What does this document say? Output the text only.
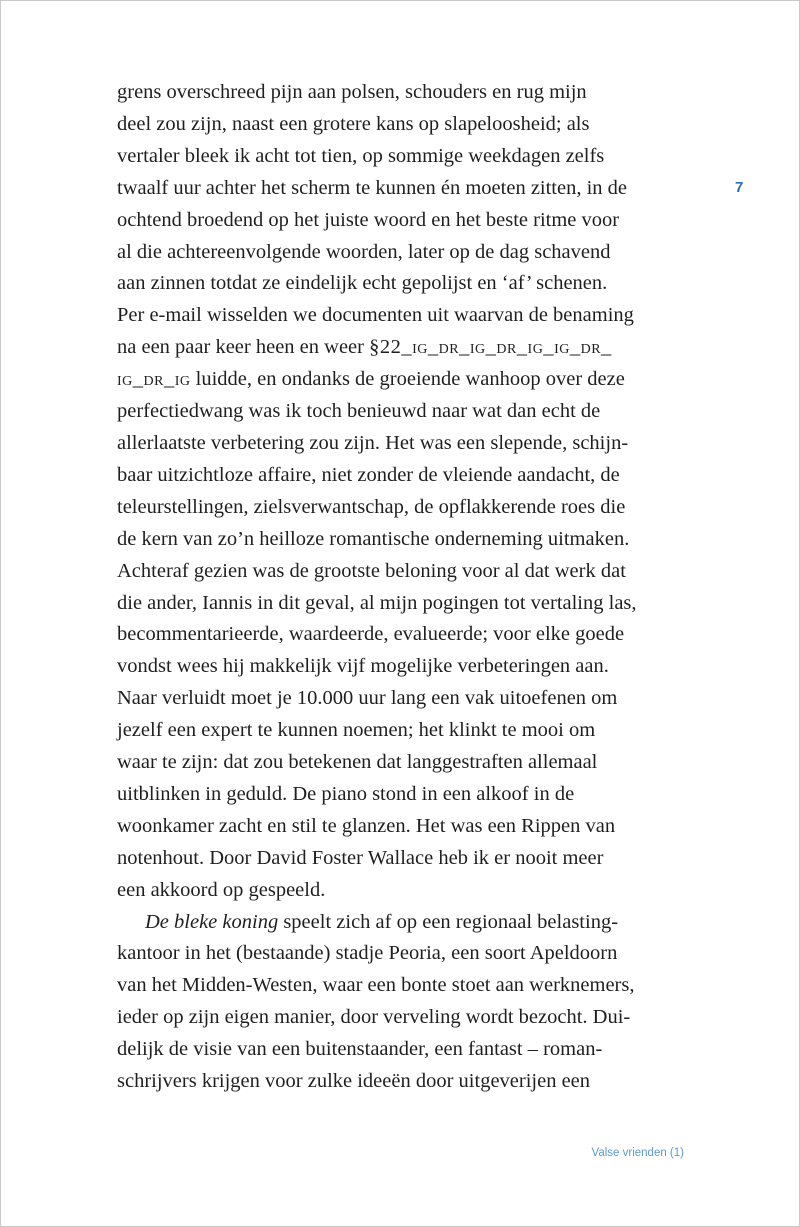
7
grens overschreed pijn aan polsen, schouders en rug mijn
deel zou zijn, naast een grotere kans op slapeloosheid; als
vertaler bleek ik acht tot tien, op sommige weekdagen zelfs
twaalf uur achter het scherm te kunnen én moeten zitten, in de
ochtend broedend op het juiste woord en het beste ritme voor
al die achtereenvolgende woorden, later op de dag schavend
aan zinnen totdat ze eindelijk echt gepolijst en ‘af’ schenen.
Per e-mail wisselden we documenten uit waarvan de benaming
na een paar keer heen en weer §22_ig_dr_ig_dr_ig_ig_dr_
ig_dr_ig luidde, en ondanks de groeiende wanhoop over deze
perfectiedwang was ik toch benieuwd naar wat dan echt de
allerlaatste verbetering zou zijn. Het was een slepende, schijn-
baar uitzichtloze affaire, niet zonder de vleiende aandacht, de
teleurstellingen, zielsverwantschap, de opflakkerende roes die
de kern van zo’n heilloze romantische onderneming uitmaken.
Achteraf gezien was de grootste beloning voor al dat werk dat
die ander, Iannis in dit geval, al mijn pogingen tot vertaling las,
becommentarieerde, waardeerde, evalueerde; voor elke goede
vondst wees hij makkelijk vijf mogelijke verbeteringen aan.
Naar verluidt moet je 10.000 uur lang een vak uitoefenen om
jezelf een expert te kunnen noemen; het klinkt te mooi om
waar te zijn: dat zou betekenen dat langgestraften allemaal
uitblinken in geduld. De piano stond in een alkoof in de
woonkamer zacht en stil te glanzen. Het was een Rippen van
notenhout. Door David Foster Wallace heb ik er nooit meer
een akkoord op gespeeld.
De bleke koning speelt zich af op een regionaal belasting-
kantoor in het (bestaande) stadje Peoria, een soort Apeldoorn
van het Midden-Westen, waar een bonte stoet aan werknemers,
ieder op zijn eigen manier, door verveling wordt bezocht. Dui-
delijk de visie van een buitenstaander, een fantast – roman-
schrijvers krijgen voor zulke ideeën door uitgeverijen een
Valse vrienden (1)
